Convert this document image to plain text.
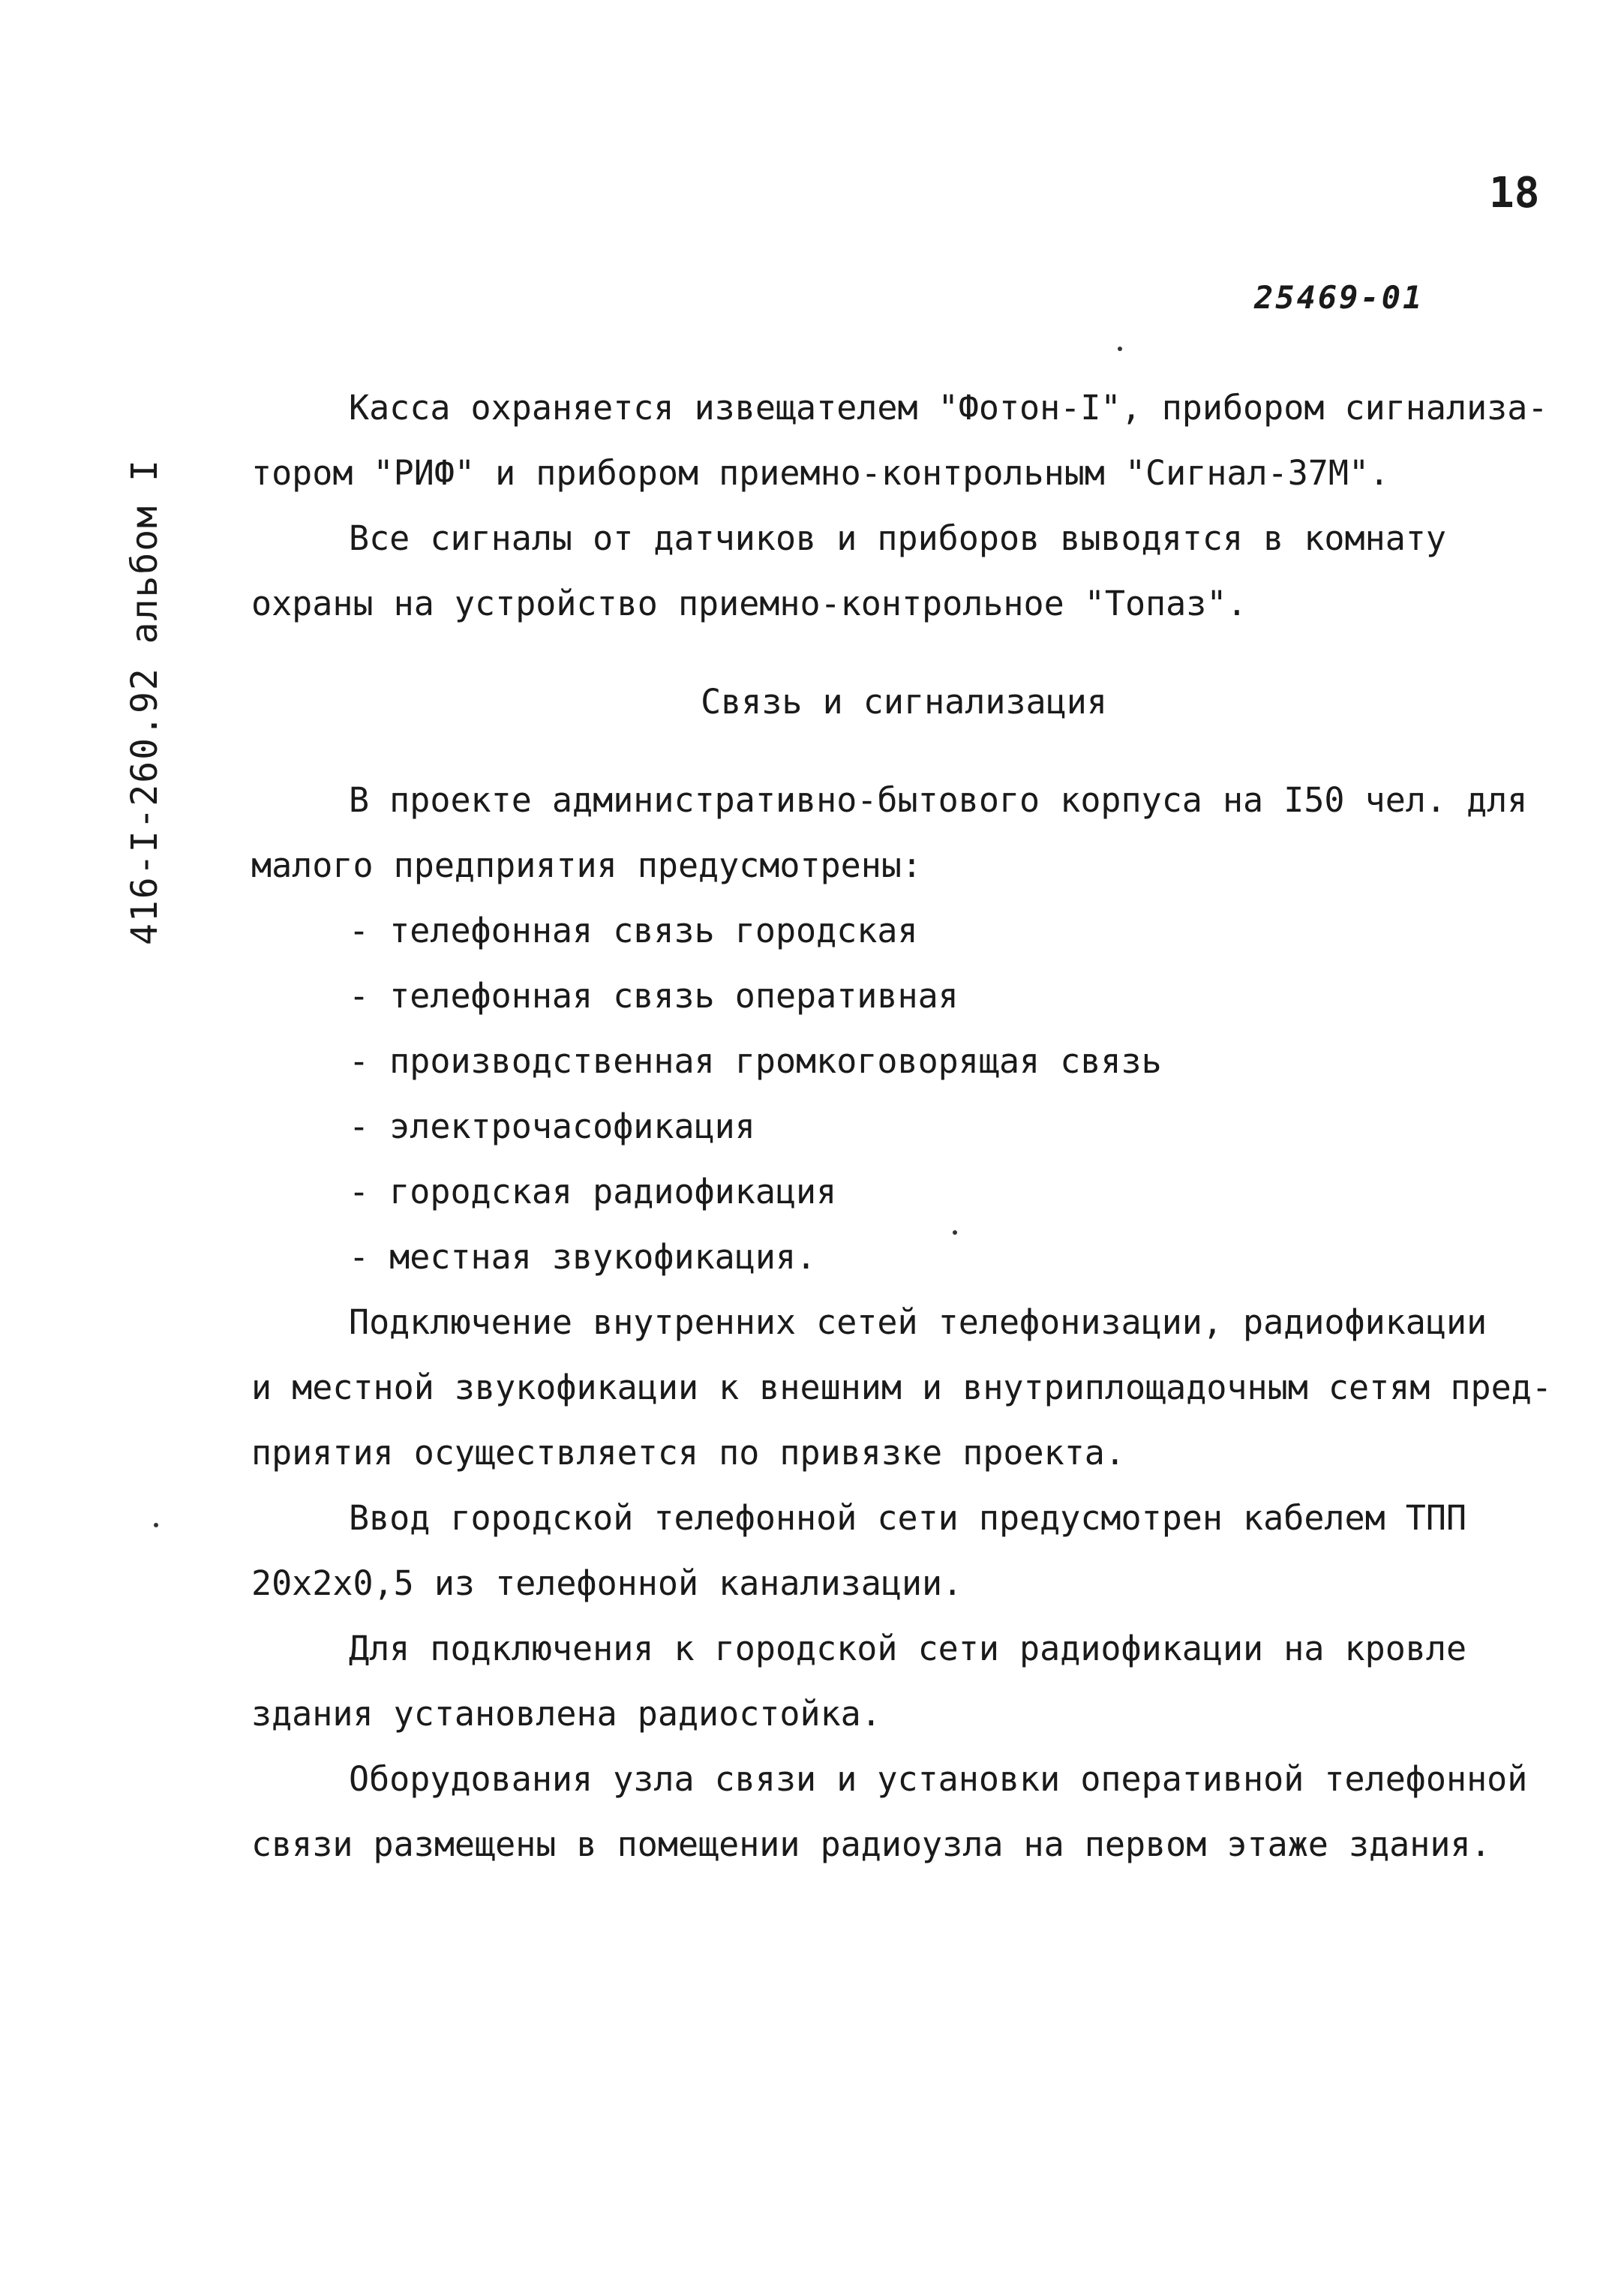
18
25469-01
416-I-260.92 альбом I

Касса охраняется извещателем "Фотон-I", прибором сигнализа-
тором "РИФ" и прибором приемно-контрольным "Сигнал-37М".

Все сигналы от датчиков и приборов выводятся в комнату
охраны на устройство приемно-контрольное "Топаз".

Связь и сигнализация

В проекте административно-бытового корпуса на I50 чел. для
малого предприятия предусмотрены:

- телефонная связь городская
- телефонная связь оперативная
- производственная громкоговорящая связь
- электрочасофикация
- городская радиофикация
- местная звукофикация.

Подключение внутренних сетей телефонизации, радиофикации
и местной звукофикации к внешним и внутриплощадочным сетям пред-
приятия осуществляется по привязке проекта.

Ввод городской телефонной сети предусмотрен кабелем ТПП
20х2х0,5 из телефонной канализации.

Для подключения к городской сети радиофикации на кровле
здания установлена радиостойка.

Оборудования узла связи и установки оперативной телефонной
связи размещены в помещении радиоузла на первом этаже здания.
